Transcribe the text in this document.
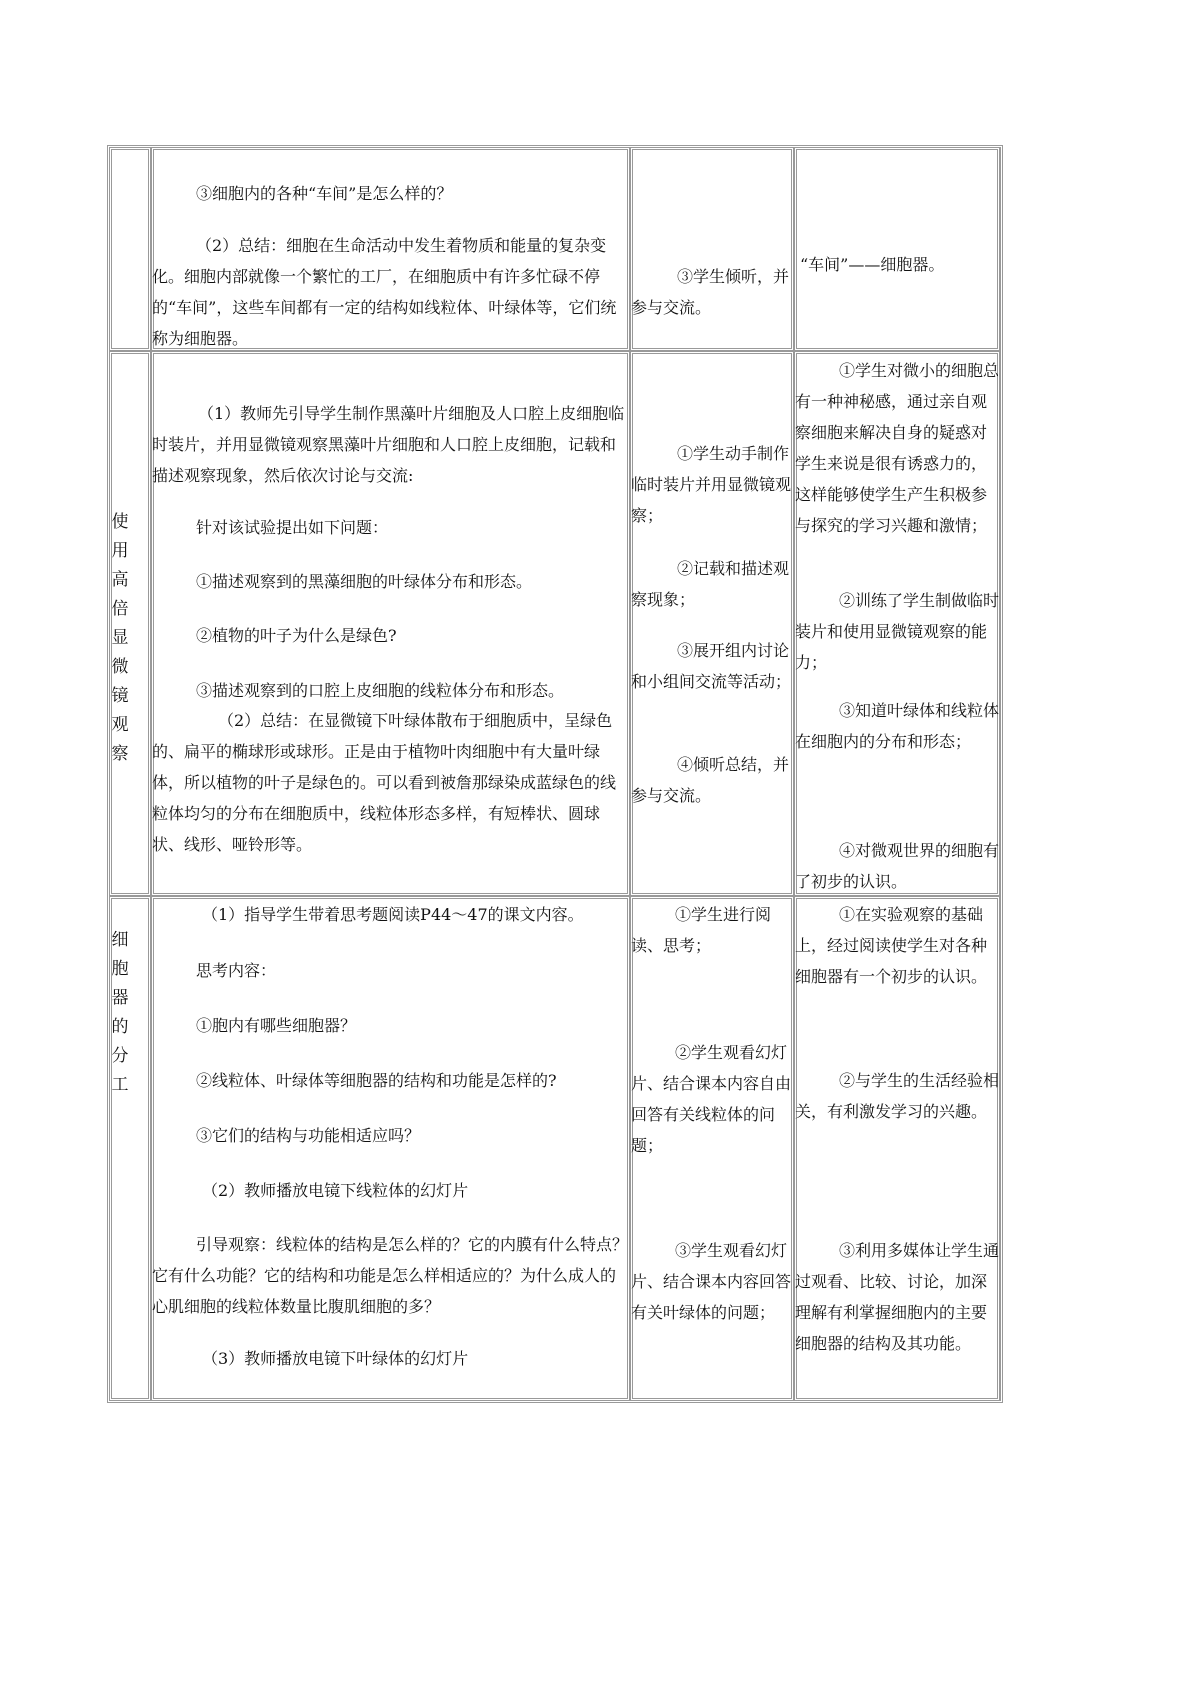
③细胞内的各种“车间”是怎么样的？

（2）总结：细胞在生命活动中发生着物质和能量的复杂变化。细胞内部就像一个繁忙的工厂，在细胞质中有许多忙碌不停的“车间”，这些车间都有一定的结构如线粒体、叶绿体等，它们统称为细胞器。

③学生倾听，并参与交流。

“车间”——细胞器。

使用高倍显微镜观察

（1）教师先引导学生制作黑藻叶片细胞及人口腔上皮细胞临时装片，并用显微镜观察黑藻叶片细胞和人口腔上皮细胞，记载和描述观察现象，然后依次讨论与交流:

针对该试验提出如下问题：

①描述观察到的黑藻细胞的叶绿体分布和形态。

②植物的叶子为什么是绿色?

③描述观察到的口腔上皮细胞的线粒体分布和形态。

（2）总结：在显微镜下叶绿体散布于细胞质中，呈绿色的、扁平的椭球形或球形。正是由于植物叶肉细胞中有大量叶绿体，所以植物的叶子是绿色的。可以看到被詹那绿染成蓝绿色的线粒体均匀的分布在细胞质中，线粒体形态多样，有短棒状、圆球状、线形、哑铃形等。

①学生动手制作临时装片并用显微镜观察；

②记载和描述观察现象；

③展开组内讨论和小组间交流等活动；

④倾听总结，并参与交流。

①学生对微小的细胞总有一种神秘感，通过亲自观察细胞来解决自身的疑惑对学生来说是很有诱惑力的，这样能够使学生产生积极参与探究的学习兴趣和激情；

②训练了学生制做临时装片和使用显微镜观察的能力；

③知道叶绿体和线粒体在细胞内的分布和形态；

④对微观世界的细胞有了初步的认识。

细胞器的分工

（1）指导学生带着思考题阅读P44～47的课文内容。

思考内容：

①胞内有哪些细胞器？

②线粒体、叶绿体等细胞器的结构和功能是怎样的?

③它们的结构与功能相适应吗？

（2）教师播放电镜下线粒体的幻灯片

引导观察：线粒体的结构是怎么样的？它的内膜有什么特点？它有什么功能？它的结构和功能是怎么样相适应的？为什么成人的心肌细胞的线粒体数量比腹肌细胞的多？

（3）教师播放电镜下叶绿体的幻灯片

①学生进行阅读、思考；

②学生观看幻灯片、结合课本内容自由回答有关线粒体的问题；

③学生观看幻灯片、结合课本内容回答有关叶绿体的问题；

①在实验观察的基础上，经过阅读使学生对各种细胞器有一个初步的认识。

②与学生的生活经验相关，有利激发学习的兴趣。

③利用多媒体让学生通过观看、比较、讨论，加深理解有利掌握细胞内的主要细胞器的结构及其功能。
